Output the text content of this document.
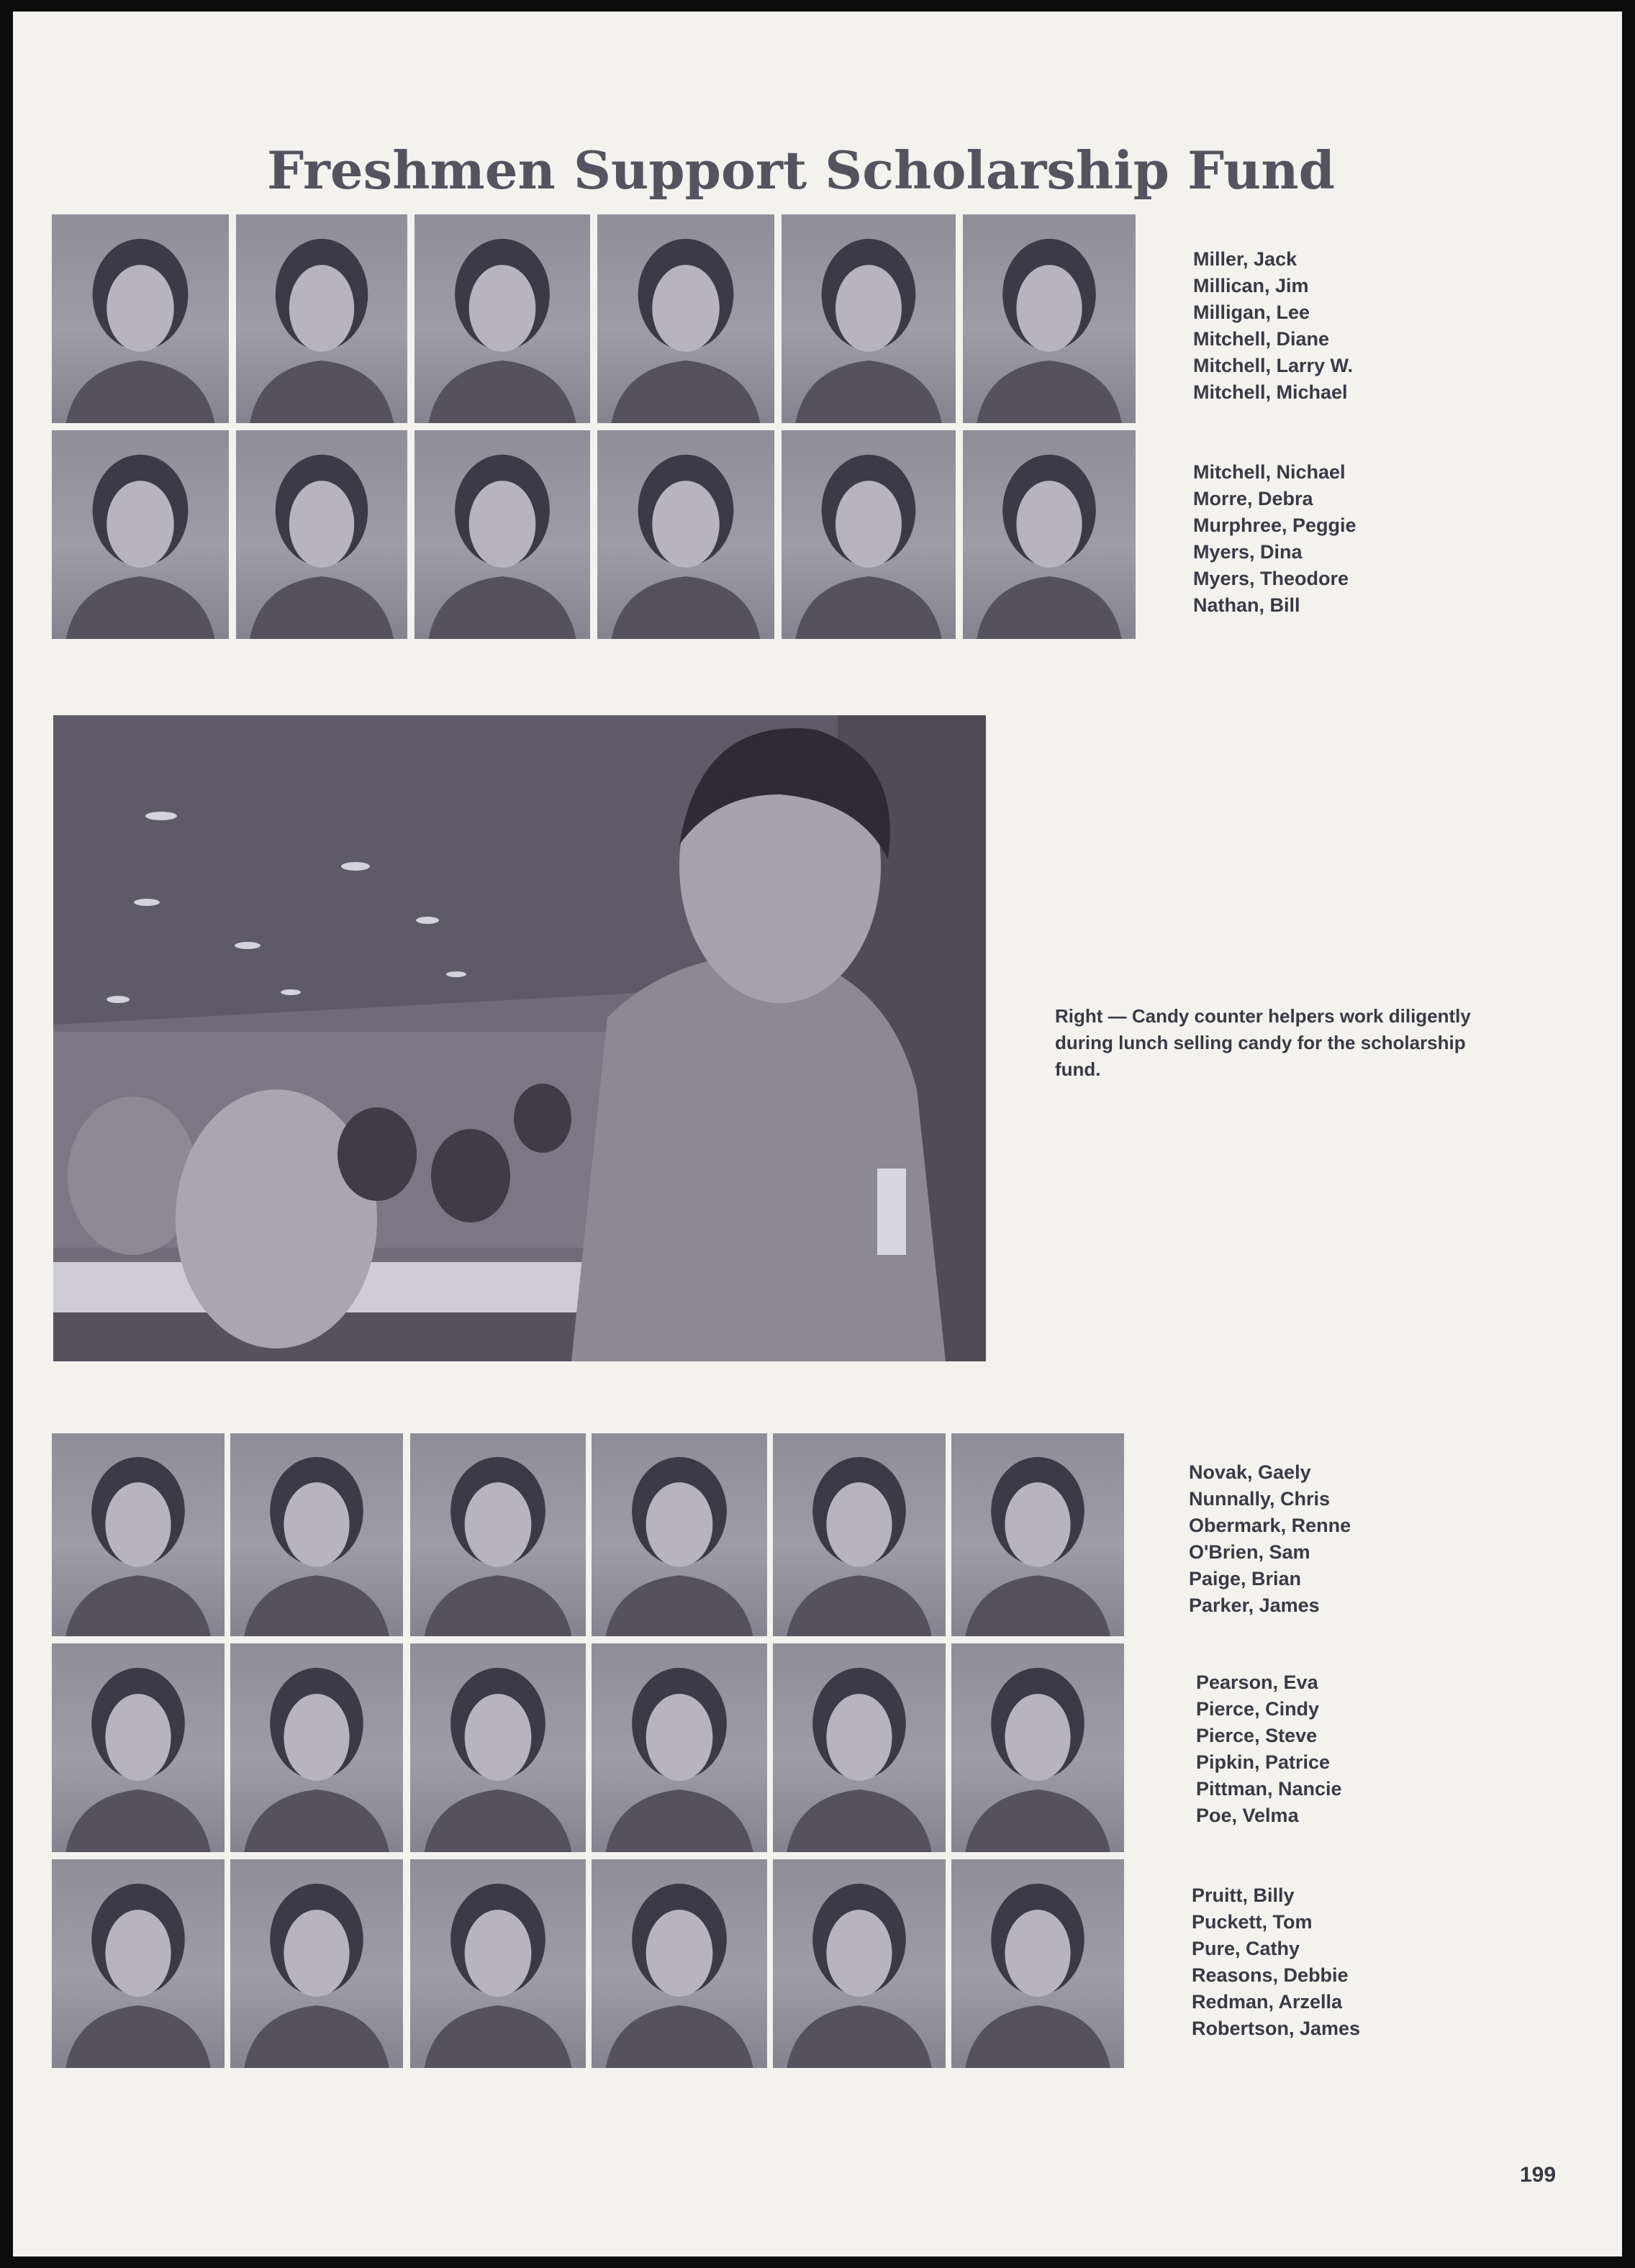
Freshmen Support Scholarship Fund
Miller, Jack
Millican, Jim
Milligan, Lee
Mitchell, Diane
Mitchell, Larry W.
Mitchell, Michael
Mitchell, Nichael
Morre, Debra
Murphree, Peggie
Myers, Dina
Myers, Theodore
Nathan, Bill

Right — Candy counter helpers work diligently during lunch selling candy for the scholarship fund.

Novak, Gaely
Nunnally, Chris
Obermark, Renne
O'Brien, Sam
Paige, Brian
Parker, James
Pearson, Eva
Pierce, Cindy
Pierce, Steve
Pipkin, Patrice
Pittman, Nancie
Poe, Velma
Pruitt, Billy
Puckett, Tom
Pure, Cathy
Reasons, Debbie
Redman, Arzella
Robertson, James
199
